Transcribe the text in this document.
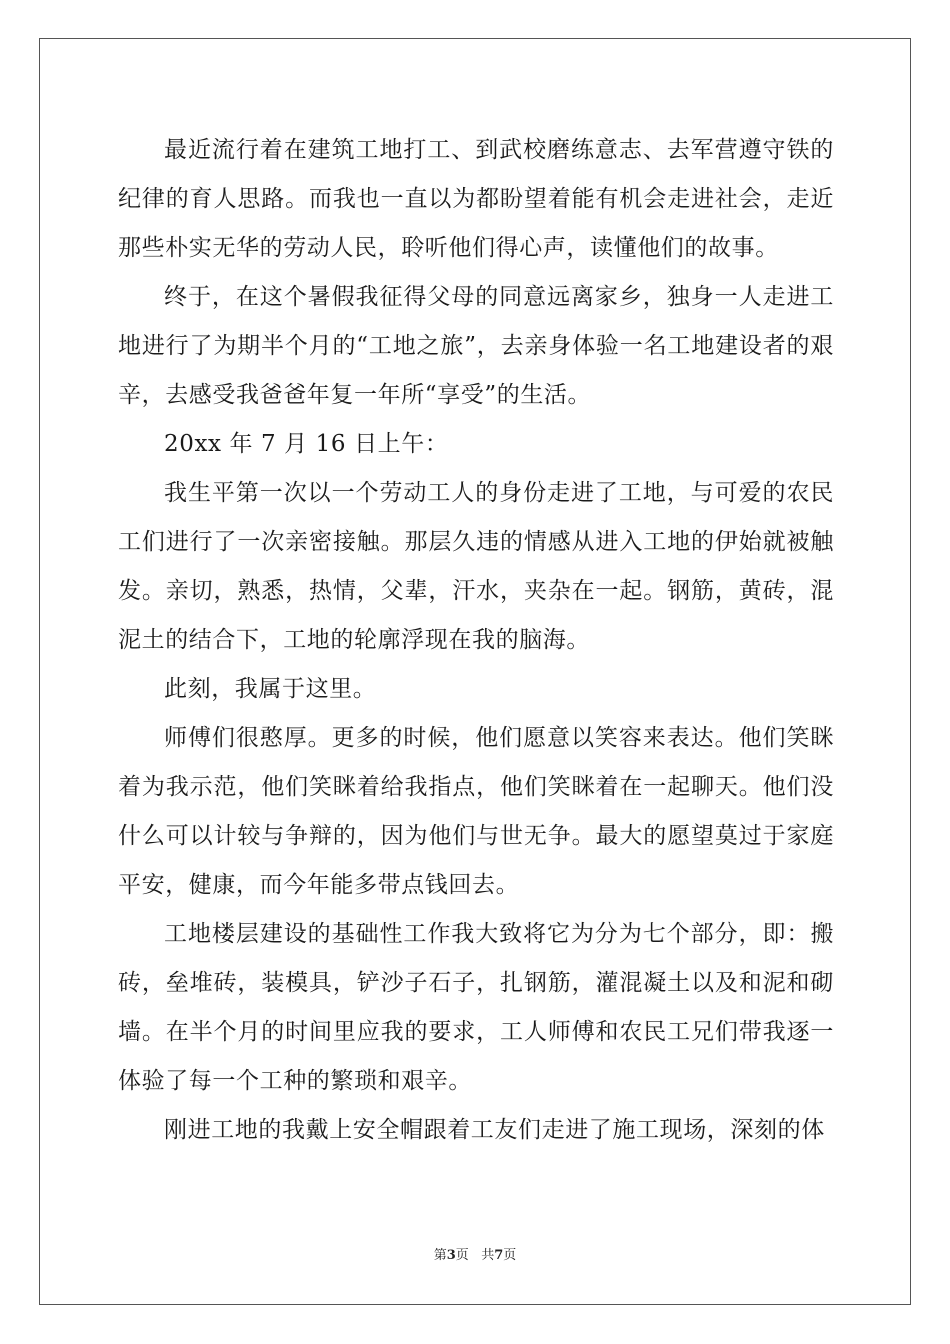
最近流行着在建筑工地打工、到武校磨练意志、去军营遵守铁的纪律的育人思路。而我也一直以为都盼望着能有机会走进社会，走近那些朴实无华的劳动人民，聆听他们得心声，读懂他们的故事。

终于，在这个暑假我征得父母的同意远离家乡，独身一人走进工地进行了为期半个月的“工地之旅”，去亲身体验一名工地建设者的艰辛，去感受我爸爸年复一年所“享受”的生活。

20xx 年 7 月 16 日上午：

我生平第一次以一个劳动工人的身份走进了工地，与可爱的农民工们进行了一次亲密接触。那层久违的情感从进入工地的伊始就被触发。亲切，熟悉，热情，父辈，汗水，夹杂在一起。钢筋，黄砖，混泥土的结合下，工地的轮廓浮现在我的脑海。

此刻，我属于这里。

师傅们很憨厚。更多的时候，他们愿意以笑容来表达。他们笑眯着为我示范，他们笑眯着给我指点，他们笑眯着在一起聊天。他们没什么可以计较与争辩的，因为他们与世无争。最大的愿望莫过于家庭平安，健康，而今年能多带点钱回去。

工地楼层建设的基础性工作我大致将它为分为七个部分，即：搬砖，垒堆砖，装模具，铲沙子石子，扎钢筋，灌混凝土以及和泥和砌墙。在半个月的时间里应我的要求，工人师傅和农民工兄们带我逐一体验了每一个工种的繁琐和艰辛。

刚进工地的我戴上安全帽跟着工友们走进了施工现场，深刻的体

第3页 共7页
